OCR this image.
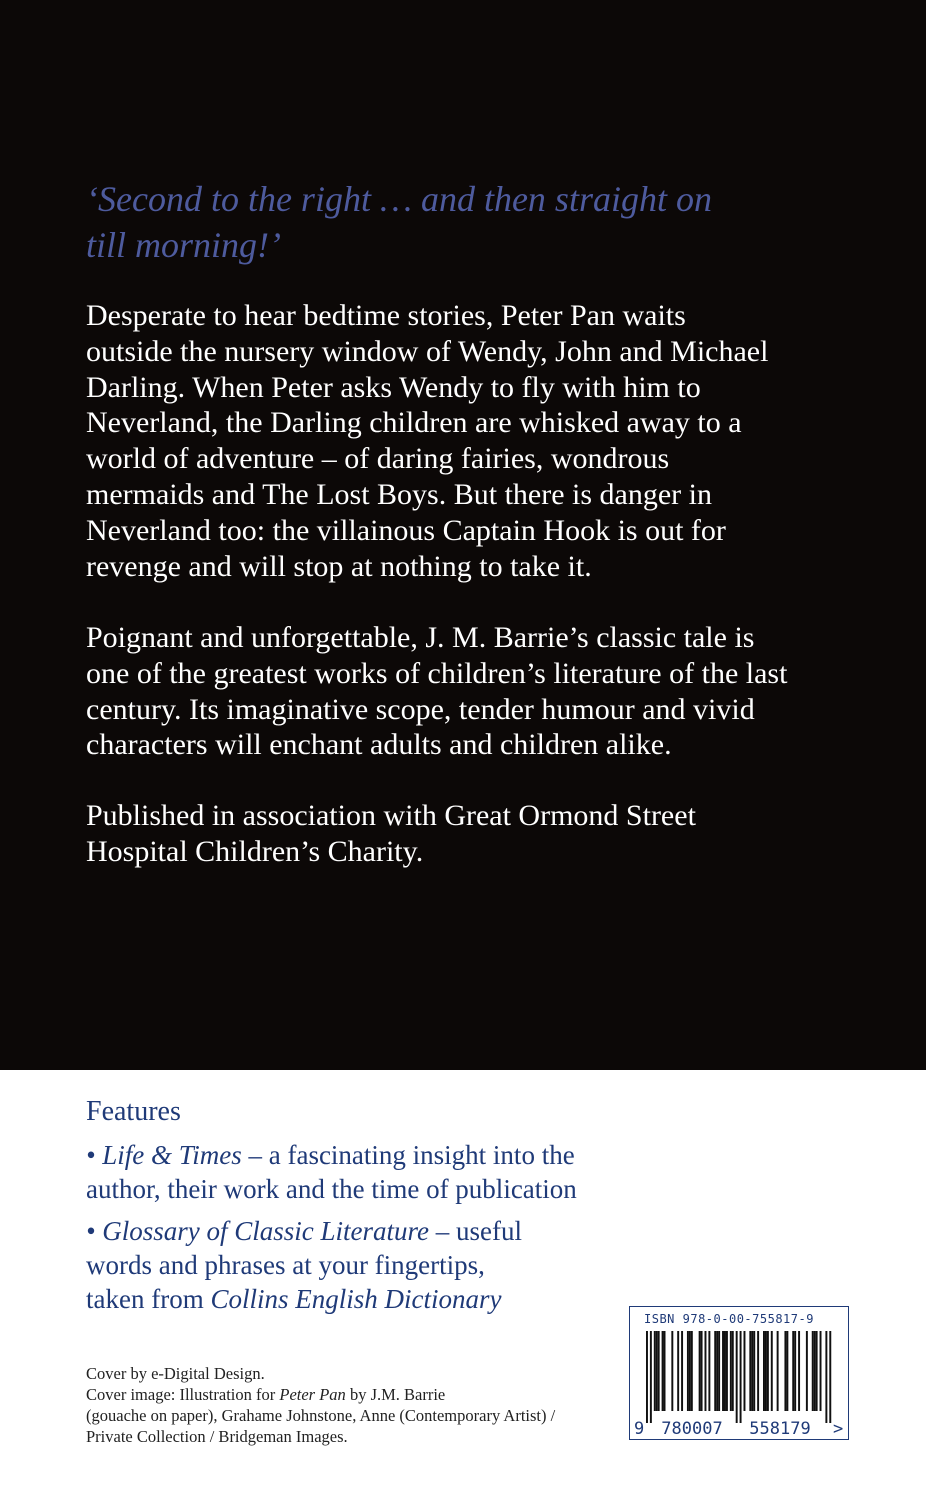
‘Second to the right … and then straight on
till morning!’

Desperate to hear bedtime stories, Peter Pan waits
outside the nursery window of Wendy, John and Michael
Darling. When Peter asks Wendy to fly with him to
Neverland, the Darling children are whisked away to a
world of adventure – of daring fairies, wondrous
mermaids and The Lost Boys. But there is danger in
Neverland too: the villainous Captain Hook is out for
revenge and will stop at nothing to take it.

Poignant and unforgettable, J. M. Barrie’s classic tale is
one of the greatest works of children’s literature of the last
century. Its imaginative scope, tender humour and vivid
characters will enchant adults and children alike.

Published in association with Great Ormond Street
Hospital Children’s Charity.

Features

• Life & Times – a fascinating insight into the
author, their work and the time of publication

• Glossary of Classic Literature – useful
words and phrases at your fingertips,
taken from Collins English Dictionary

Cover by e-Digital Design.
Cover image: Illustration for Peter Pan by J.M. Barrie
(gouache on paper), Grahame Johnstone, Anne (Contemporary Artist) /
Private Collection / Bridgeman Images.
ISBN 978-0-00-755817-9
9 780007 558179 >
